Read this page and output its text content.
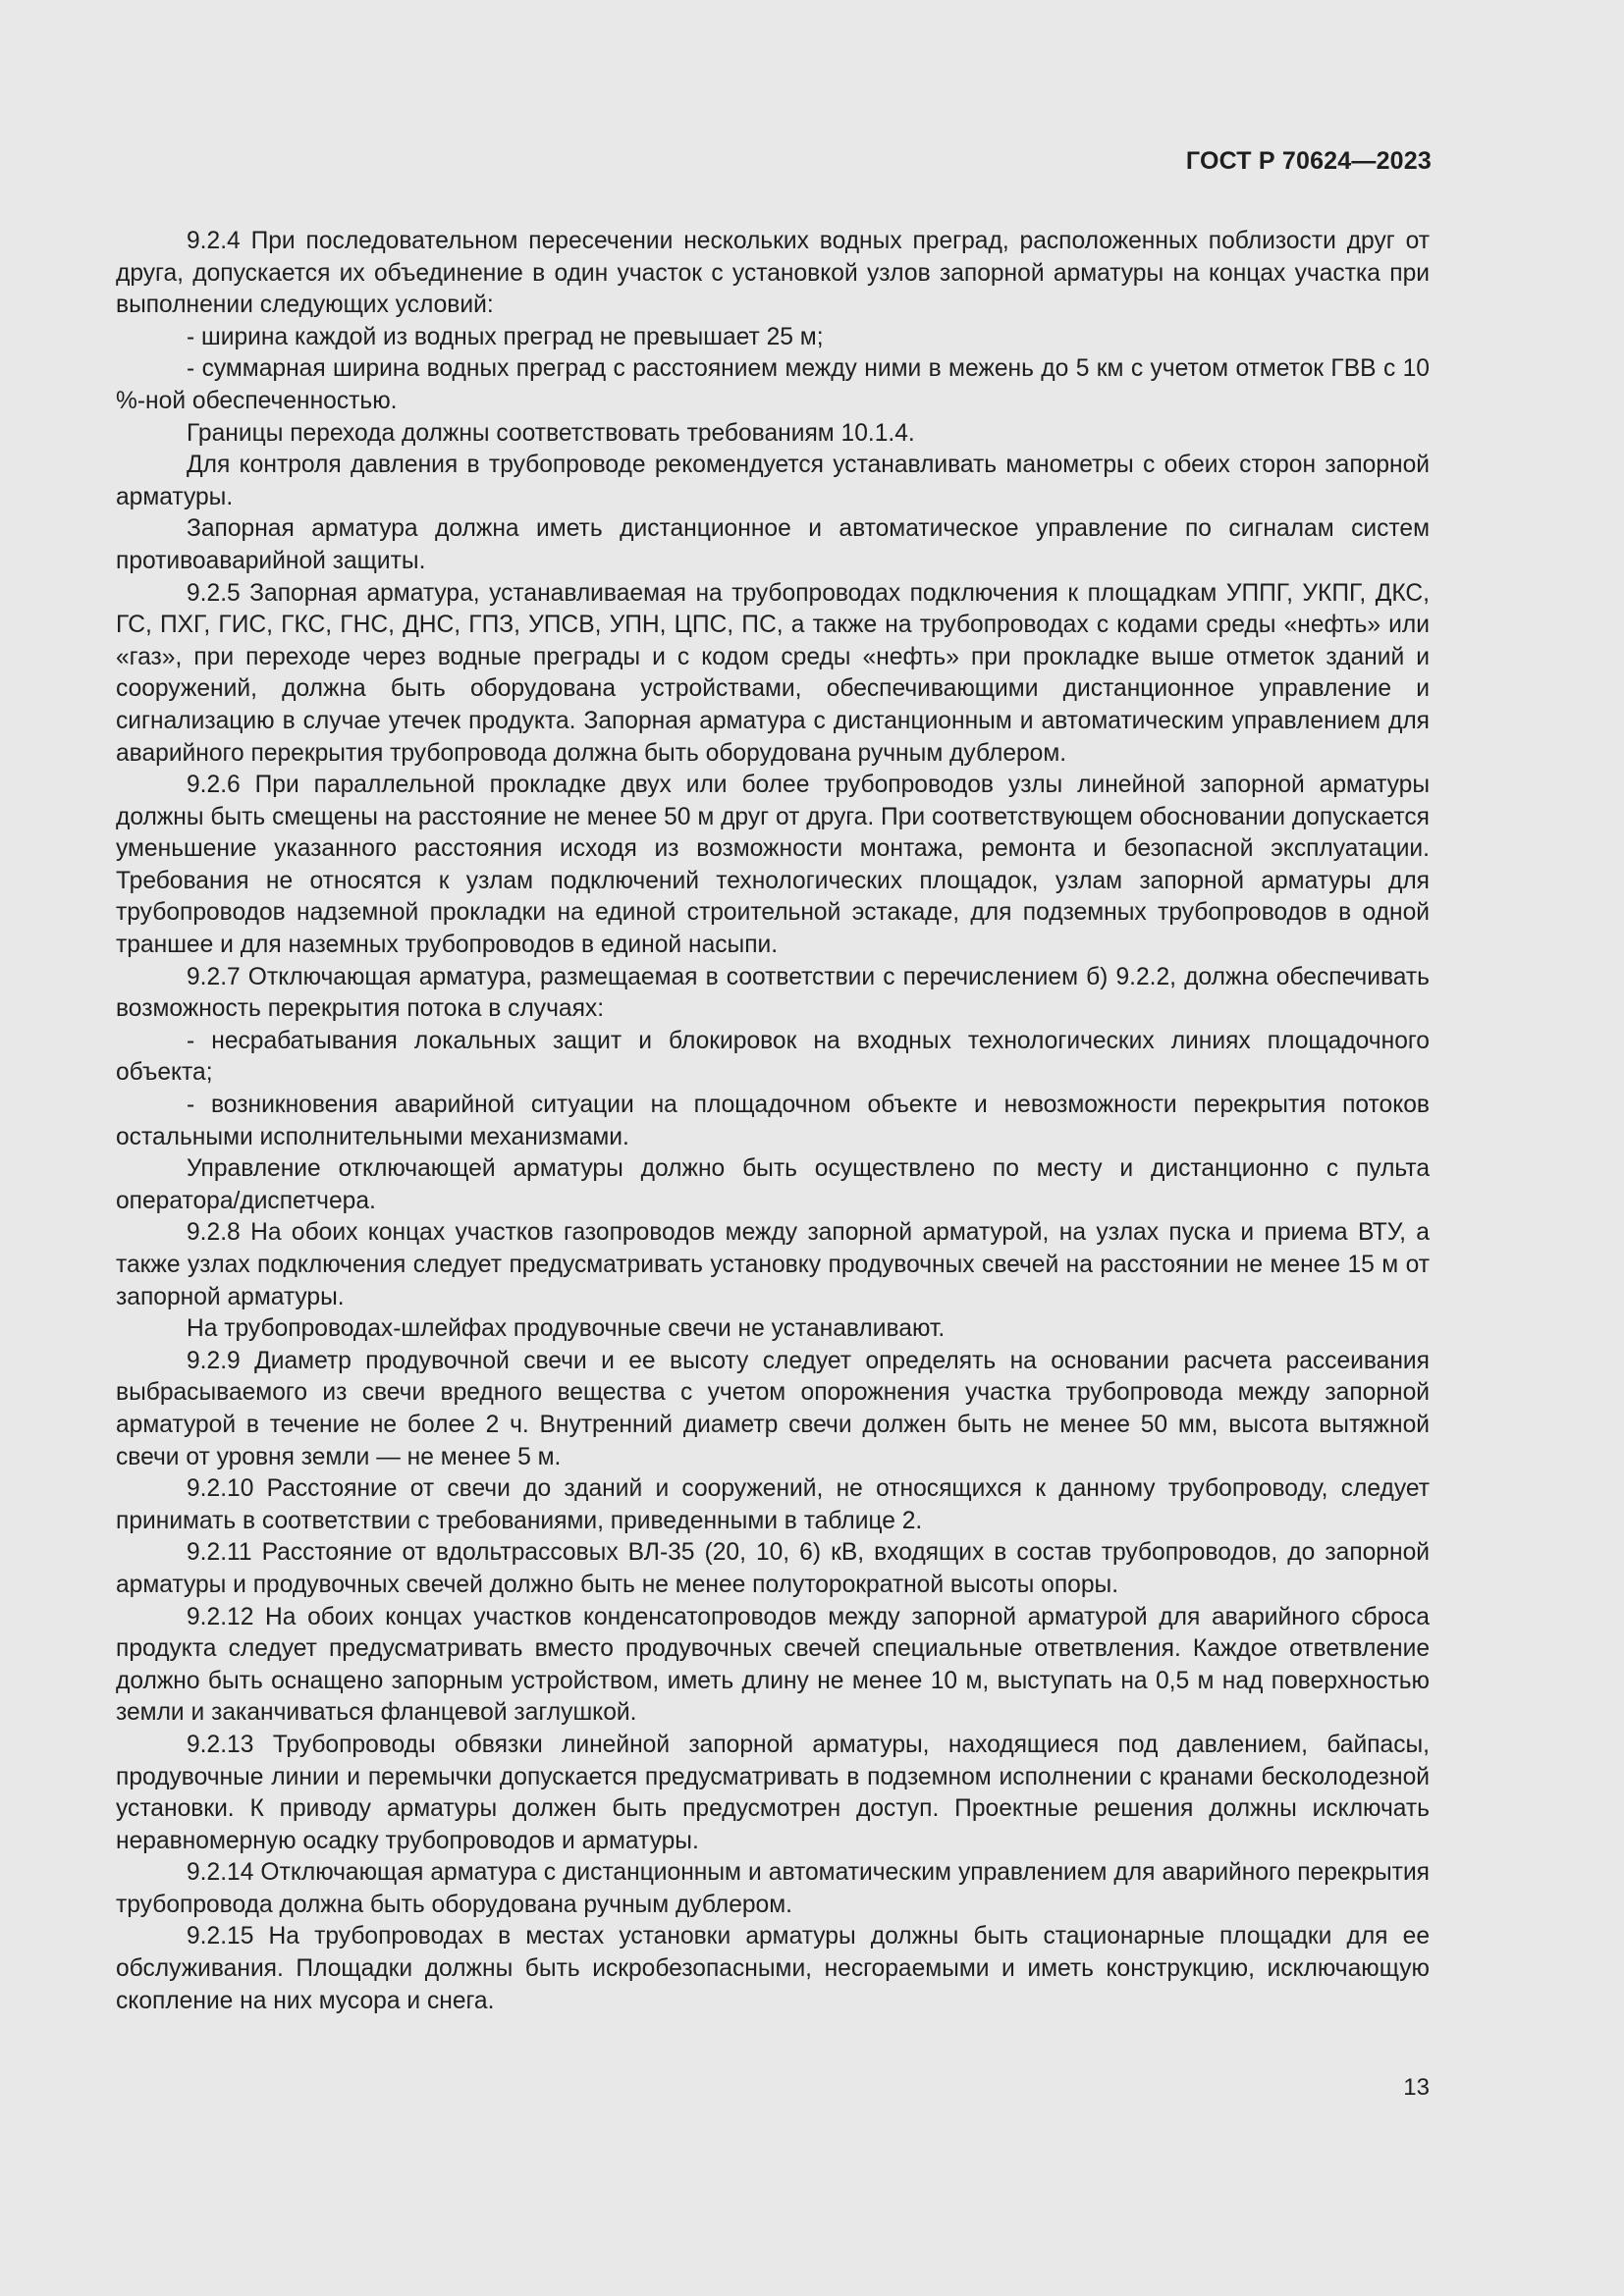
ГОСТ Р 70624—2023

9.2.4 При последовательном пересечении нескольких водных преград, расположенных поблизости друг от друга, допускается их объединение в один участок с установкой узлов запорной арматуры на концах участка при выполнении следующих условий:

- ширина каждой из водных преград не превышает 25 м;

- суммарная ширина водных преград с расстоянием между ними в межень до 5 км с учетом отметок ГВВ с 10 %-ной обеспеченностью.

Границы перехода должны соответствовать требованиям 10.1.4.

Для контроля давления в трубопроводе рекомендуется устанавливать манометры с обеих сторон запорной арматуры.

Запорная арматура должна иметь дистанционное и автоматическое управление по сигналам систем противоаварийной защиты.

9.2.5 Запорная арматура, устанавливаемая на трубопроводах подключения к площадкам УППГ, УКПГ, ДКС, ГС, ПХГ, ГИС, ГКС, ГНС, ДНС, ГПЗ, УПСВ, УПН, ЦПС, ПС, а также на трубопроводах с кодами среды «нефть» или «газ», при переходе через водные преграды и с кодом среды «нефть» при прокладке выше отметок зданий и сооружений, должна быть оборудована устройствами, обеспечивающими дистанционное управление и сигнализацию в случае утечек продукта. Запорная арматура с дистанционным и автоматическим управлением для аварийного перекрытия трубопровода должна быть оборудована ручным дублером.

9.2.6 При параллельной прокладке двух или более трубопроводов узлы линейной запорной арматуры должны быть смещены на расстояние не менее 50 м друг от друга. При соответствующем обосновании допускается уменьшение указанного расстояния исходя из возможности монтажа, ремонта и безопасной эксплуатации. Требования не относятся к узлам подключений технологических площадок, узлам запорной арматуры для трубопроводов надземной прокладки на единой строительной эстакаде, для подземных трубопроводов в одной траншее и для наземных трубопроводов в единой насыпи.

9.2.7 Отключающая арматура, размещаемая в соответствии с перечислением б) 9.2.2, должна обеспечивать возможность перекрытия потока в случаях:

- несрабатывания локальных защит и блокировок на входных технологических линиях площадочного объекта;

- возникновения аварийной ситуации на площадочном объекте и невозможности перекрытия потоков остальными исполнительными механизмами.

Управление отключающей арматуры должно быть осуществлено по месту и дистанционно с пульта оператора/диспетчера.

9.2.8 На обоих концах участков газопроводов между запорной арматурой, на узлах пуска и приема ВТУ, а также узлах подключения следует предусматривать установку продувочных свечей на расстоянии не менее 15 м от запорной арматуры.

На трубопроводах-шлейфах продувочные свечи не устанавливают.

9.2.9 Диаметр продувочной свечи и ее высоту следует определять на основании расчета рассеивания выбрасываемого из свечи вредного вещества с учетом опорожнения участка трубопровода между запорной арматурой в течение не более 2 ч. Внутренний диаметр свечи должен быть не менее 50 мм, высота вытяжной свечи от уровня земли — не менее 5 м.

9.2.10 Расстояние от свечи до зданий и сооружений, не относящихся к данному трубопроводу, следует принимать в соответствии с требованиями, приведенными в таблице 2.

9.2.11 Расстояние от вдольтрассовых ВЛ-35 (20, 10, 6) кВ, входящих в состав трубопроводов, до запорной арматуры и продувочных свечей должно быть не менее полуторократной высоты опоры.

9.2.12 На обоих концах участков конденсатопроводов между запорной арматурой для аварийного сброса продукта следует предусматривать вместо продувочных свечей специальные ответвления. Каждое ответвление должно быть оснащено запорным устройством, иметь длину не менее 10 м, выступать на 0,5 м над поверхностью земли и заканчиваться фланцевой заглушкой.

9.2.13 Трубопроводы обвязки линейной запорной арматуры, находящиеся под давлением, байпасы, продувочные линии и перемычки допускается предусматривать в подземном исполнении с кранами бесколодезной установки. К приводу арматуры должен быть предусмотрен доступ. Проектные решения должны исключать неравномерную осадку трубопроводов и арматуры.

9.2.14 Отключающая арматура с дистанционным и автоматическим управлением для аварийного перекрытия трубопровода должна быть оборудована ручным дублером.

9.2.15 На трубопроводах в местах установки арматуры должны быть стационарные площадки для ее обслуживания. Площадки должны быть искробезопасными, несгораемыми и иметь конструкцию, исключающую скопление на них мусора и снега.

13
